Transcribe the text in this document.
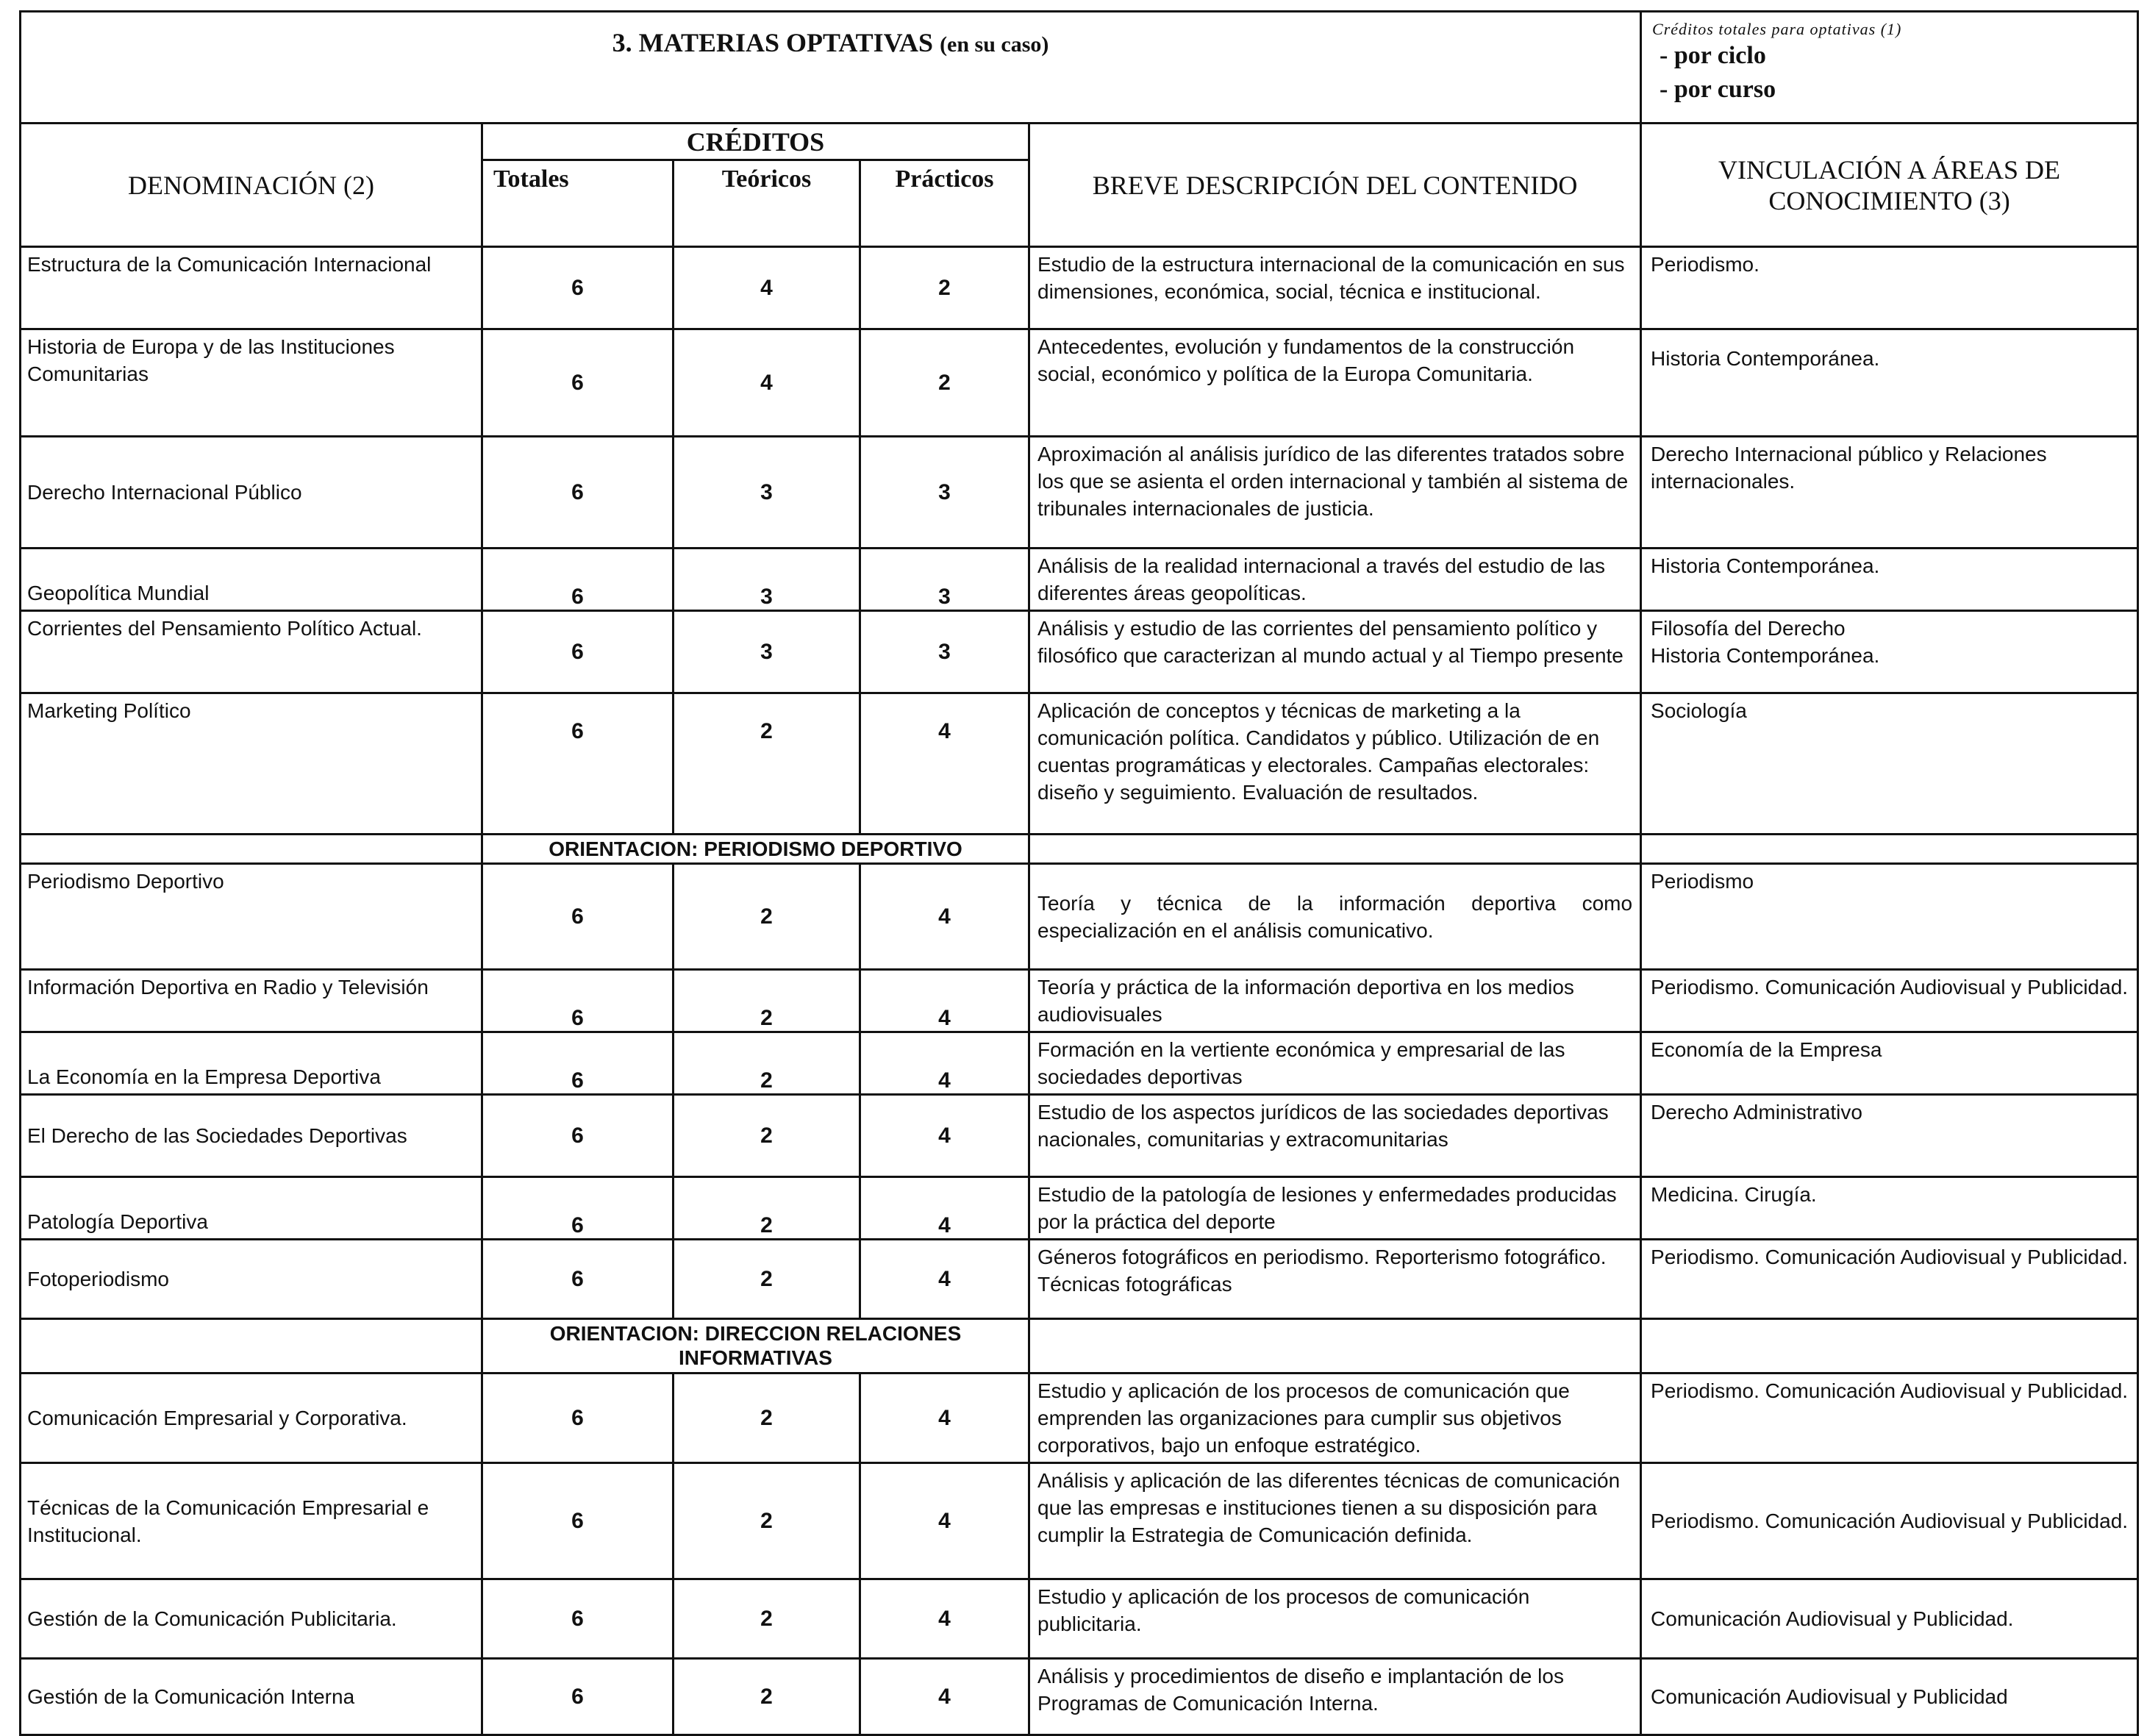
3. MATERIAS OPTATIVAS (en su caso)					Créditos totales para optativas (1)
- por ciclo
- por curso

DENOMINACIÓN (2)	CRÉDITOS			BREVE DESCRIPCIÓN DEL CONTENIDO	VINCULACIÓN A ÁREAS DE CONOCIMIENTO (3)
	Totales	Teóricos	Prácticos		
Estructura de la Comunicación Internacional	6	4	2	Estudio de la estructura internacional de la comunicación en sus dimensiones, económica, social, técnica e institucional.	Periodismo.
Historia de Europa y de las Instituciones Comunitarias	6	4	2	Antecedentes, evolución y fundamentos de la construcción social, económico y política de la Europa Comunitaria.	Historia Contemporánea.
Derecho Internacional Público	6	3	3	Aproximación al análisis jurídico de las diferentes tratados sobre los que se asienta el orden internacional y también al sistema de tribunales internacionales de justicia.	Derecho Internacional público y Relaciones internacionales.
Geopolítica Mundial	6	3	3	Análisis de la realidad internacional a través del estudio de las diferentes áreas geopolíticas.	Historia Contemporánea.
Corrientes del Pensamiento Político Actual.	6	3	3	Análisis y estudio de las corrientes del pensamiento político y filosófico que caracterizan al mundo actual y al Tiempo presente	Filosofía del Derecho
Historia Contemporánea.
Marketing Político	6	2	4	Aplicación de conceptos y técnicas de marketing a la comunicación política. Candidatos y público. Utilización de en cuentas programáticas y electorales. Campañas electorales: diseño y seguimiento. Evaluación de resultados.	Sociología
	ORIENTACION: PERIODISMO DEPORTIVO				
Periodismo Deportivo	6	2	4	Teoría y técnica de la información deportiva como especialización en el análisis comunicativo.	Periodismo
Información Deportiva en Radio y Televisión	6	2	4	Teoría y práctica de la información deportiva en los medios audiovisuales	Periodismo. Comunicación Audiovisual y Publicidad.
La Economía en la Empresa Deportiva	6	2	4	Formación en la vertiente económica y empresarial de las sociedades deportivas	Economía de la Empresa
El Derecho de las Sociedades Deportivas	6	2	4	Estudio de los aspectos jurídicos de las sociedades deportivas nacionales, comunitarias y extracomunitarias	Derecho Administrativo
Patología Deportiva	6	2	4	Estudio de la patología de lesiones y enfermedades producidas por la práctica del deporte	Medicina. Cirugía.
Fotoperiodismo	6	2	4	Géneros fotográficos en periodismo. Reporterismo fotográfico. Técnicas fotográficas	Periodismo. Comunicación Audiovisual y Publicidad.
	ORIENTACION: DIRECCION RELACIONES INFORMATIVAS				
Comunicación Empresarial y Corporativa.	6	2	4	Estudio y aplicación de los procesos de comunicación que emprenden las organizaciones para cumplir sus objetivos corporativos, bajo un enfoque estratégico.	Periodismo. Comunicación Audiovisual y Publicidad.
Técnicas de la Comunicación Empresarial e Institucional.	6	2	4	Análisis y aplicación de las diferentes técnicas de comunicación que las empresas e instituciones tienen a su disposición para cumplir la Estrategia de Comunicación definida.	Periodismo. Comunicación Audiovisual y Publicidad.
Gestión de la Comunicación Publicitaria.	6	2	4	Estudio y aplicación de los procesos de comunicación publicitaria.	Comunicación Audiovisual y Publicidad.
Gestión de la Comunicación Interna	6	2	4	Análisis y procedimientos de diseño e implantación de los Programas de Comunicación Interna.	Comunicación Audiovisual y Publicidad
